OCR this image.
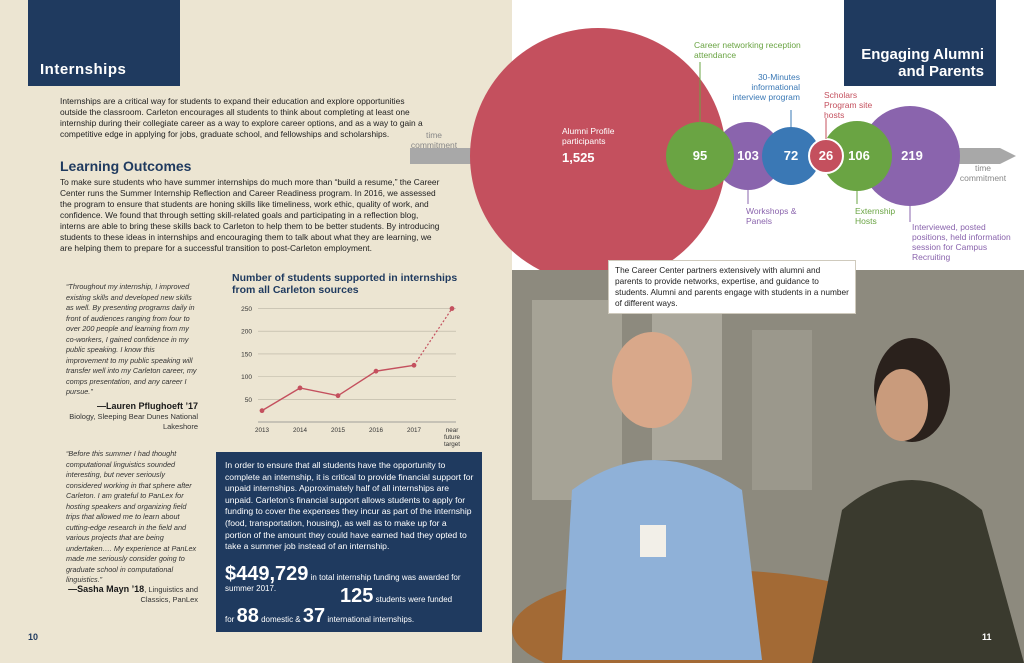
Internships
Engaging Alumni and Parents

Internships are a critical way for students to expand their education and explore opportunities outside the classroom. Carleton encourages all students to think about completing at least one internship during their collegiate career as a way to explore career options, and as a way to gain a competitive edge in applying for jobs, graduate school, and fellowships and scholarships.

Learning Outcomes

To make sure students who have summer internships do much more than “build a resume,” the Career Center runs the Summer Internship Reflection and Career Readiness program. In 2016, we assessed the program to ensure that students are honing skills like timeliness, work ethic, quality of work, and confidence. We found that through setting skill-related goals and participating in a reflection blog, interns are able to bring these skills back to Carleton to help them to be better students. By introducing students to these ideas in internships and encouraging them to talk about what they are learning, we are helping them to prepare for a successful transition to post-Carleton employment.

“Throughout my internship, I improved existing skills and developed new skills as well. By presenting programs daily in front of audiences ranging from four to over 200 people and learning from my co-workers, I gained confidence in my public speaking. I know this improvement to my public speaking will transfer well into my Carleton career, my comps presentation, and any career I pursue.”

—Lauren Pflughoeft ’17
Biology, Sleeping Bear Dunes National Lakeshore

“Before this summer I had thought computational linguistics sounded interesting, but never seriously considered working in that sphere after Carleton. I am grateful to PanLex for hosting speakers and organizing field trips that allowed me to learn about cutting-edge research in the field and various projects that are being undertaken…. My experience at PanLex made me seriously consider going to graduate school in computational linguistics.”

—Sasha Mayn ’18, Linguistics and Classics, PanLex
Number of students supported in internships from all Carleton sources
50
100
150
200
250
2013	2014	2015	2016	2017	near future target

In order to ensure that all students have the opportunity to complete an internship, it is critical to provide financial support for unpaid internships. Approximately half of all internships are unpaid. Carleton’s financial support allows students to apply for funding to cover the expenses they incur as part of the internship (food, transportation, housing), as well as to make up for a portion of the amount they could have earned had they opted to take a summer job instead of an internship.

$449,729 in total internship funding was awarded for summer 2017.	125 students were funded
for 88 domestic & 37 international internships.
10	11
time commitment
time commitment
Alumni Profile participants
1,525	95	103	72	26	106	219
Career networking reception attendance
30-Minutes informational interview program	Scholars Program site hosts
Workshops & Panels
Externship Hosts
Interviewed, posted positions, held information session for Campus Recruiting

The Career Center partners extensively with alumni and parents to provide networks, expertise, and guidance to students. Alumni and parents engage with students in a number of different ways.
